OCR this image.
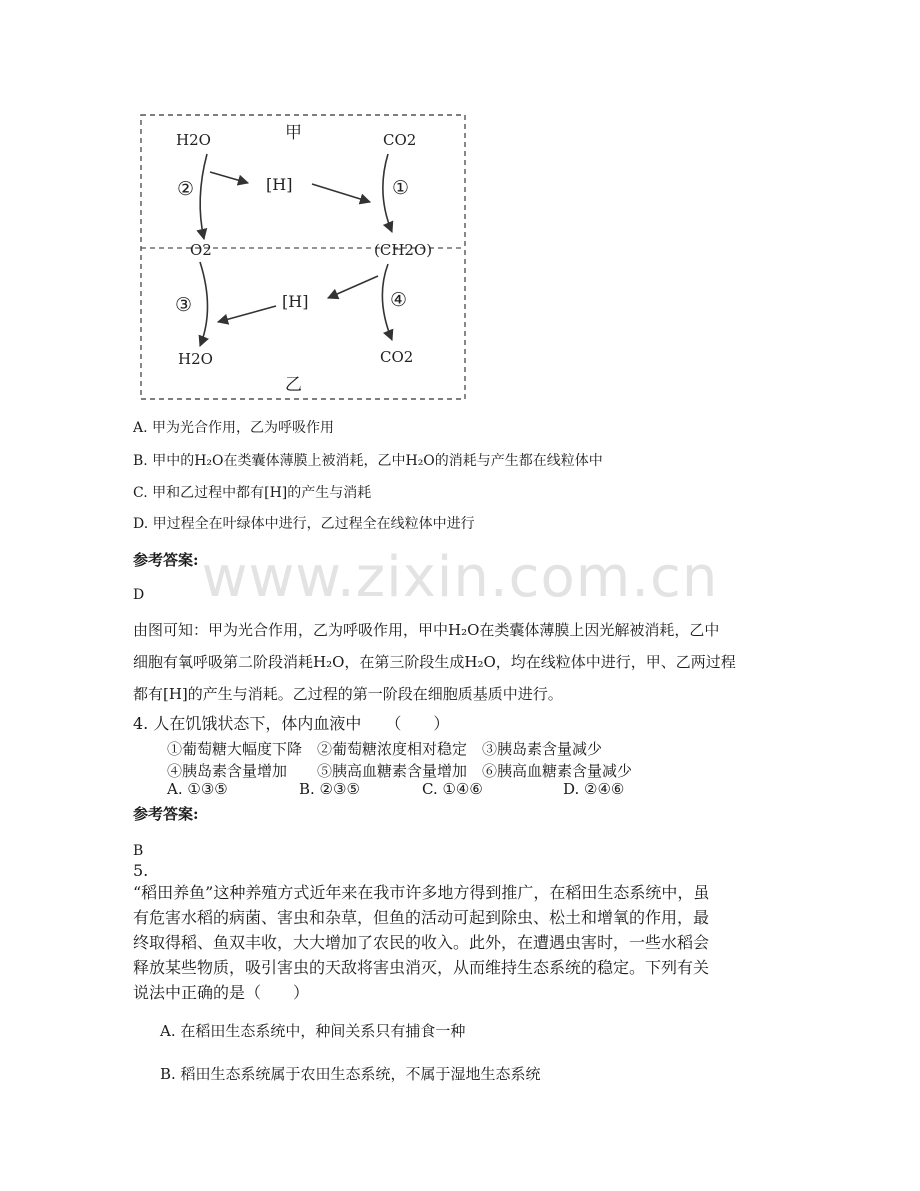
甲
乙
H2O	CO2
[H]
O2	(CH2O)
[H]
H2O	CO2
①
②
③	④
A. 甲为光合作用，乙为呼吸作用
B. 甲中的H₂O在类囊体薄膜上被消耗，乙中H₂O的消耗与产生都在线粒体中
C. 甲和乙过程中都有[H]的产生与消耗
D. 甲过程全在叶绿体中进行，乙过程全在线粒体中进行
参考答案: www.zixin.com.cn
D
由图可知：甲为光合作用，乙为呼吸作用，甲中H₂O在类囊体薄膜上因光解被消耗，乙中
细胞有氧呼吸第二阶段消耗H₂O，在第三阶段生成H₂O，均在线粒体中进行，甲、乙两过程
都有[H]的产生与消耗。乙过程的第一阶段在细胞质基质中进行。
4. 人在饥饿状态下，体内血液中　　（　　）
①葡萄糖大幅度下降　②葡萄糖浓度相对稳定　③胰岛素含量减少
④胰岛素含量增加　　⑤胰高血糖素含量增加　⑥胰高血糖素含量减少
A. ①③⑤	B. ②③⑤	C. ①④⑥	D. ②④⑥
参考答案:
B
5.
“稻田养鱼”这种养殖方式近年来在我市许多地方得到推广，在稻田生态系统中，虽
有危害水稻的病菌、害虫和杂草，但鱼的活动可起到除虫、松土和增氧的作用，最
终取得稻、鱼双丰收，大大增加了农民的收入。此外，在遭遇虫害时，一些水稻会
释放某些物质，吸引害虫的天敌将害虫消灭，从而维持生态系统的稳定。下列有关
说法中正确的是（　　）
A. 在稻田生态系统中，种间关系只有捕食一种
B. 稻田生态系统属于农田生态系统，不属于湿地生态系统
